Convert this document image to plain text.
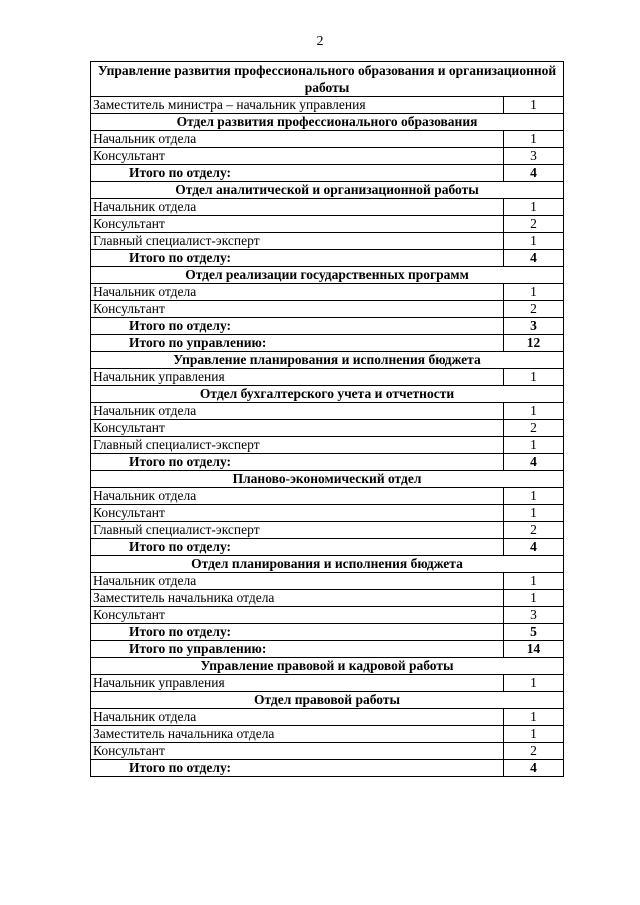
2
Управление развития профессионального образования и организационной работы	
Заместитель министра – начальник управления	1
Отдел развития профессионального образования	
Начальник отдела	1
Консультант	3
Итого по отделу:	4
Отдел аналитической и организационной работы	
Начальник отдела	1
Консультант	2
Главный специалист-эксперт	1
Итого по отделу:	4
Отдел реализации государственных программ	
Начальник отдела	1
Консультант	2
Итого по отделу:	3
Итого по управлению:	12
Управление планирования и исполнения бюджета	
Начальник управления	1
Отдел бухгалтерского учета и отчетности	
Начальник отдела	1
Консультант	2
Главный специалист-эксперт	1
Итого по отделу:	4
Планово-экономический отдел	
Начальник отдела	1
Консультант	1
Главный специалист-эксперт	2
Итого по отделу:	4
Отдел планирования и исполнения бюджета	
Начальник отдела	1
Заместитель начальника отдела	1
Консультант	3
Итого по отделу:	5
Итого по управлению:	14
Управление правовой и кадровой работы	
Начальник управления	1
Отдел правовой работы	
Начальник отдела	1
Заместитель начальника отдела	1
Консультант	2
Итого по отделу:	4
